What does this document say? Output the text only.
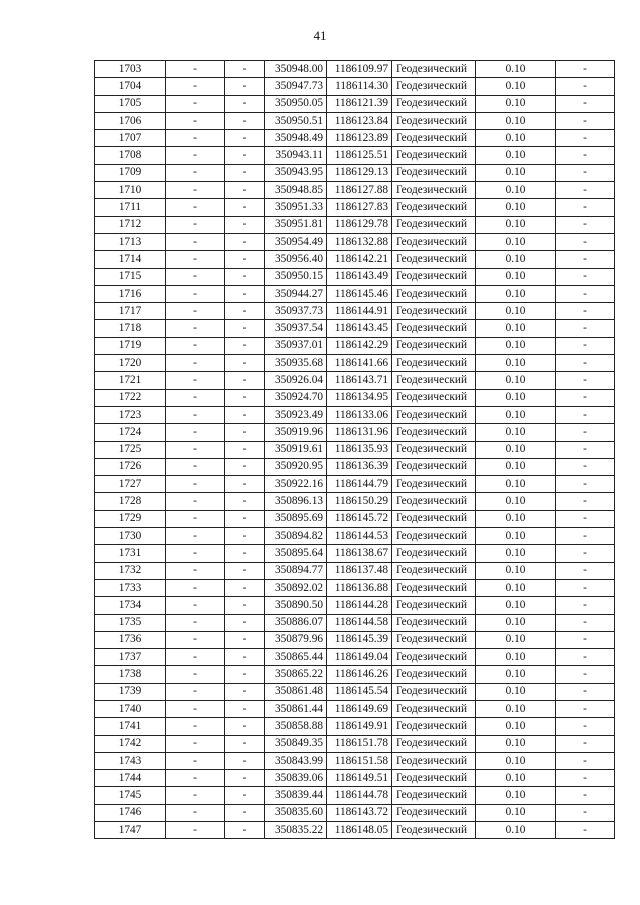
41
1703	-	-	350948.00	1186109.97	Геодезический	0.10	-
1704	-	-	350947.73	1186114.30	Геодезический	0.10	-
1705	-	-	350950.05	1186121.39	Геодезический	0.10	-
1706	-	-	350950.51	1186123.84	Геодезический	0.10	-
1707	-	-	350948.49	1186123.89	Геодезический	0.10	-
1708	-	-	350943.11	1186125.51	Геодезический	0.10	-
1709	-	-	350943.95	1186129.13	Геодезический	0.10	-
1710	-	-	350948.85	1186127.88	Геодезический	0.10	-
1711	-	-	350951.33	1186127.83	Геодезический	0.10	-
1712	-	-	350951.81	1186129.78	Геодезический	0.10	-
1713	-	-	350954.49	1186132.88	Геодезический	0.10	-
1714	-	-	350956.40	1186142.21	Геодезический	0.10	-
1715	-	-	350950.15	1186143.49	Геодезический	0.10	-
1716	-	-	350944.27	1186145.46	Геодезический	0.10	-
1717	-	-	350937.73	1186144.91	Геодезический	0.10	-
1718	-	-	350937.54	1186143.45	Геодезический	0.10	-
1719	-	-	350937.01	1186142.29	Геодезический	0.10	-
1720	-	-	350935.68	1186141.66	Геодезический	0.10	-
1721	-	-	350926.04	1186143.71	Геодезический	0.10	-
1722	-	-	350924.70	1186134.95	Геодезический	0.10	-
1723	-	-	350923.49	1186133.06	Геодезический	0.10	-
1724	-	-	350919.96	1186131.96	Геодезический	0.10	-
1725	-	-	350919.61	1186135.93	Геодезический	0.10	-
1726	-	-	350920.95	1186136.39	Геодезический	0.10	-
1727	-	-	350922.16	1186144.79	Геодезический	0.10	-
1728	-	-	350896.13	1186150.29	Геодезический	0.10	-
1729	-	-	350895.69	1186145.72	Геодезический	0.10	-
1730	-	-	350894.82	1186144.53	Геодезический	0.10	-
1731	-	-	350895.64	1186138.67	Геодезический	0.10	-
1732	-	-	350894.77	1186137.48	Геодезический	0.10	-
1733	-	-	350892.02	1186136.88	Геодезический	0.10	-
1734	-	-	350890.50	1186144.28	Геодезический	0.10	-
1735	-	-	350886.07	1186144.58	Геодезический	0.10	-
1736	-	-	350879.96	1186145.39	Геодезический	0.10	-
1737	-	-	350865.44	1186149.04	Геодезический	0.10	-
1738	-	-	350865.22	1186146.26	Геодезический	0.10	-
1739	-	-	350861.48	1186145.54	Геодезический	0.10	-
1740	-	-	350861.44	1186149.69	Геодезический	0.10	-
1741	-	-	350858.88	1186149.91	Геодезический	0.10	-
1742	-	-	350849.35	1186151.78	Геодезический	0.10	-
1743	-	-	350843.99	1186151.58	Геодезический	0.10	-
1744	-	-	350839.06	1186149.51	Геодезический	0.10	-
1745	-	-	350839.44	1186144.78	Геодезический	0.10	-
1746	-	-	350835.60	1186143.72	Геодезический	0.10	-
1747	-	-	350835.22	1186148.05	Геодезический	0.10	-
